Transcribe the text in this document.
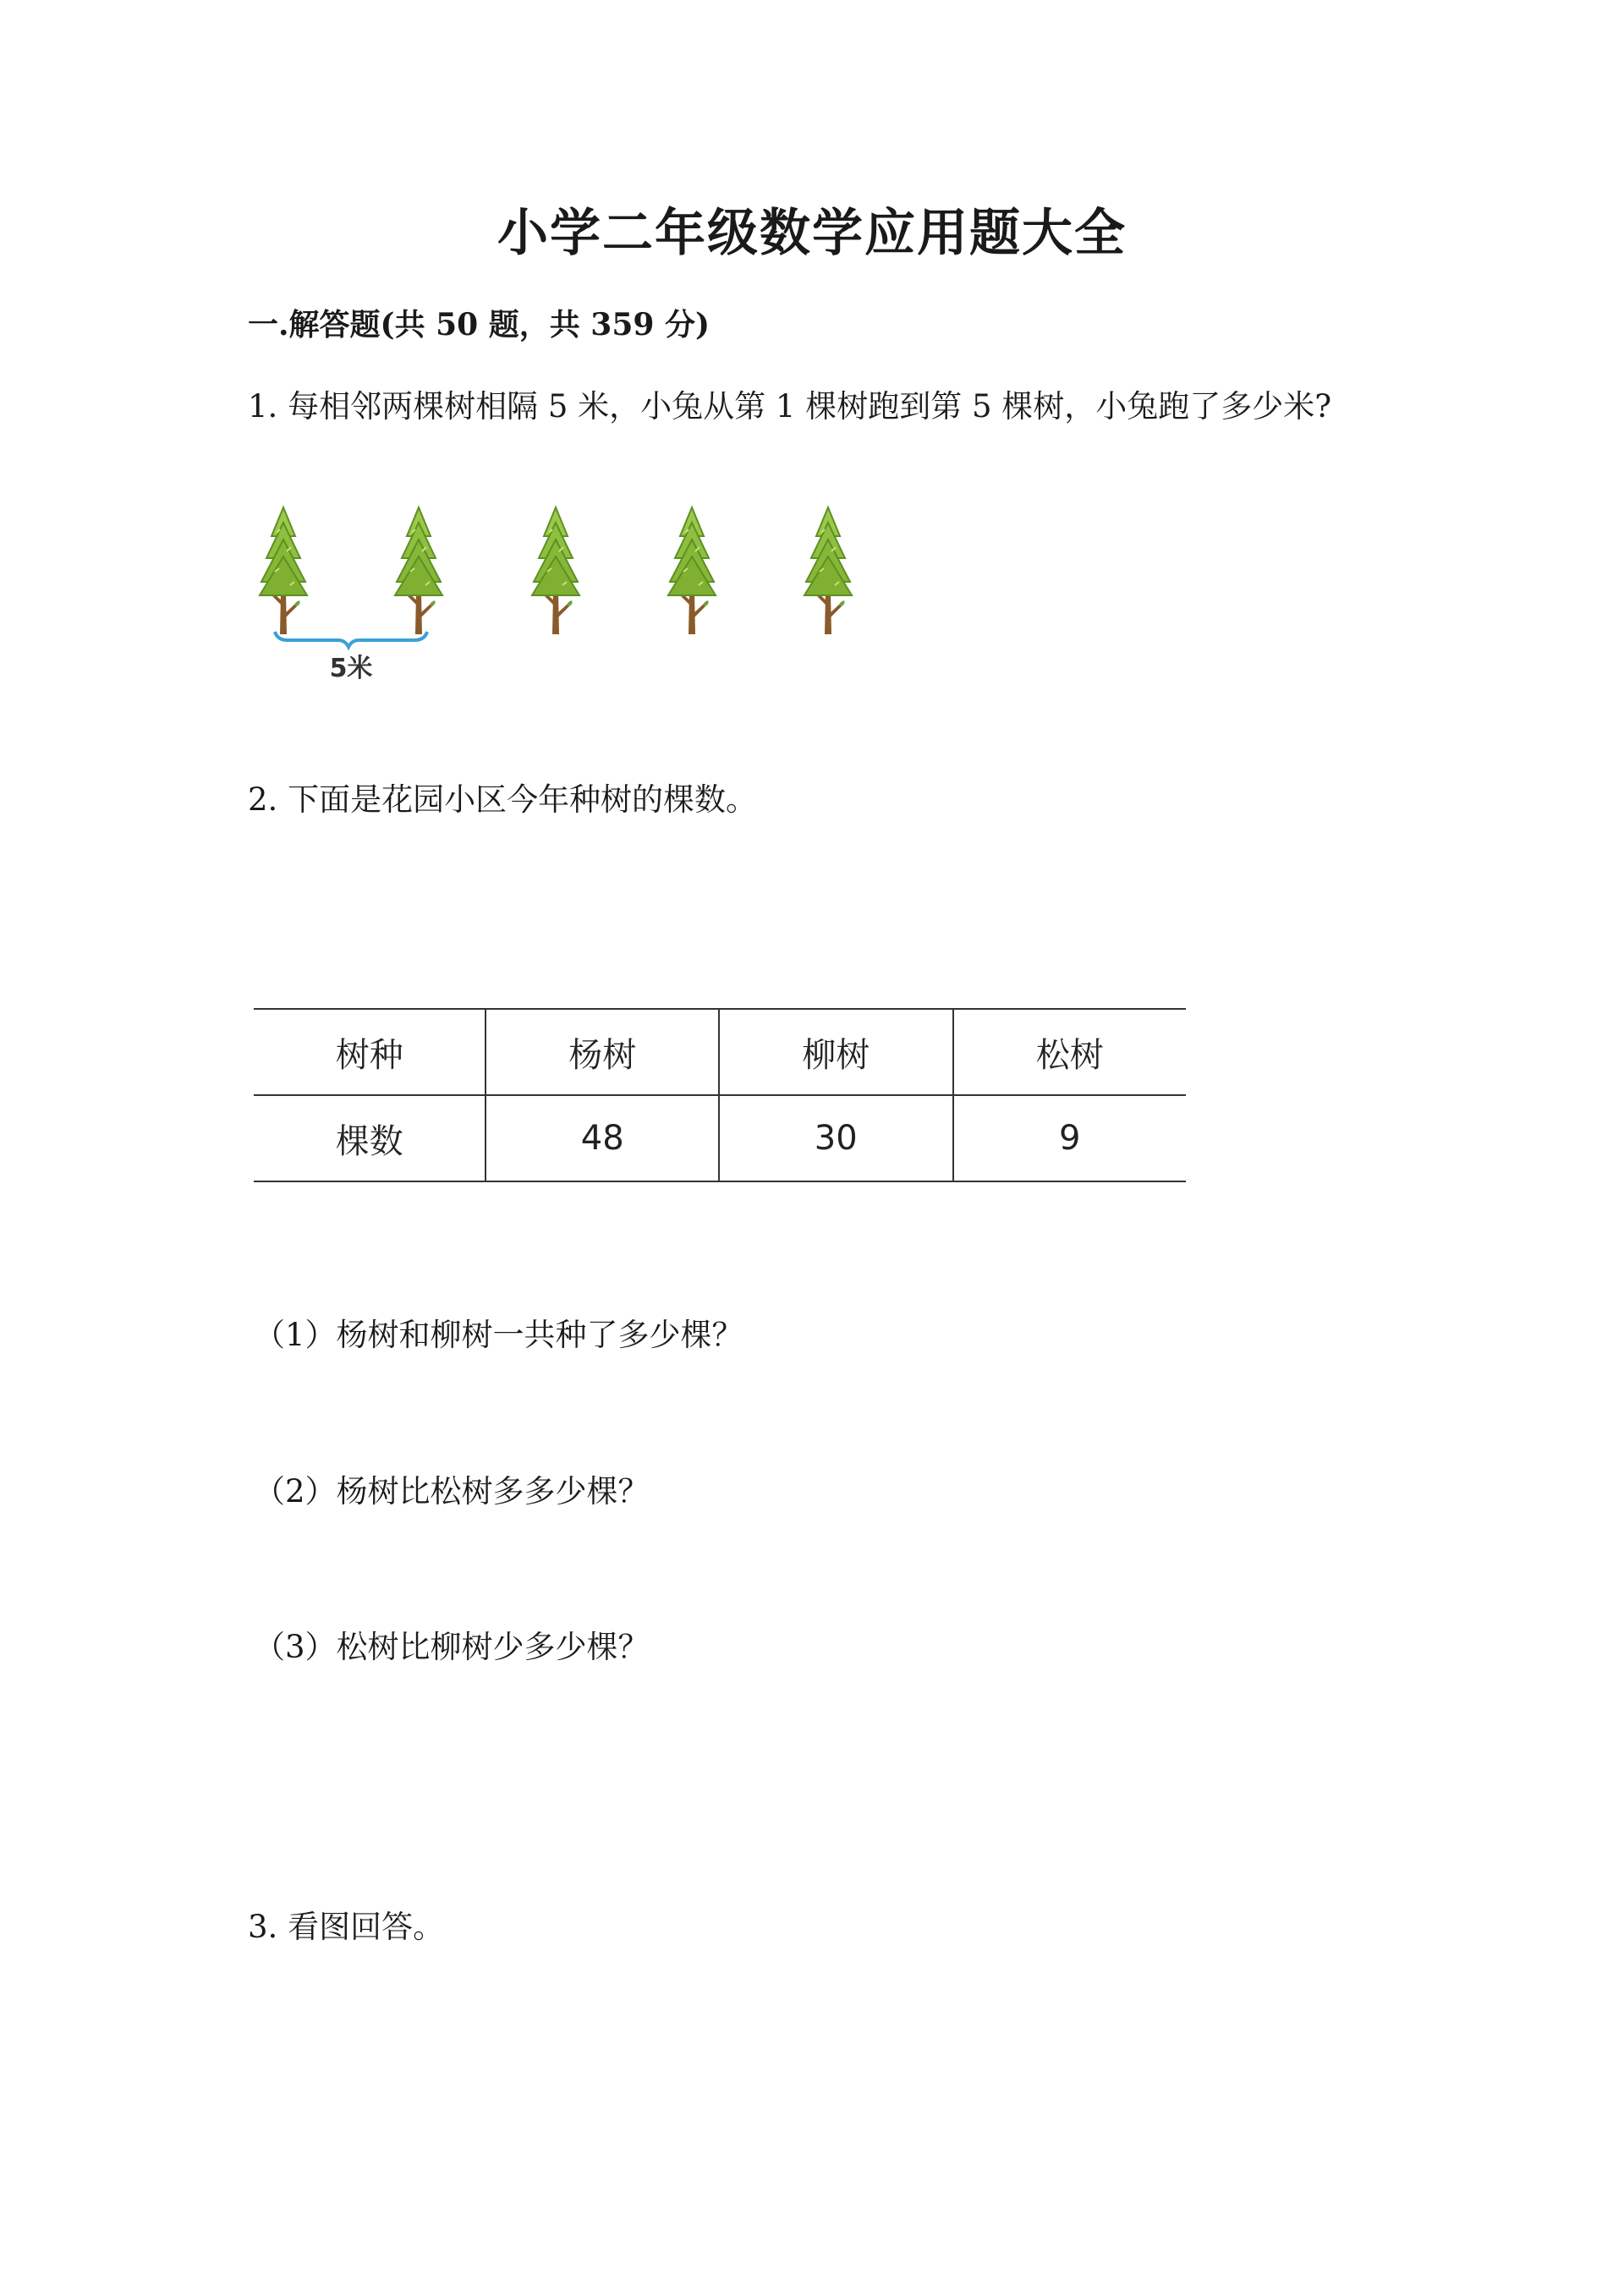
小学二年级数学应用题大全
一.解答题(共 50 题，共 359 分)
1. 每相邻两棵树相隔 5 米，小兔从第 1 棵树跑到第 5 棵树，小兔跑了多少米?
5米
2. 下面是花园小区今年种树的棵数。
树种	杨树	柳树	松树
棵数	48	30	9
（1）杨树和柳树一共种了多少棵？
（2）杨树比松树多多少棵？
（3）松树比柳树少多少棵？
3. 看图回答。
